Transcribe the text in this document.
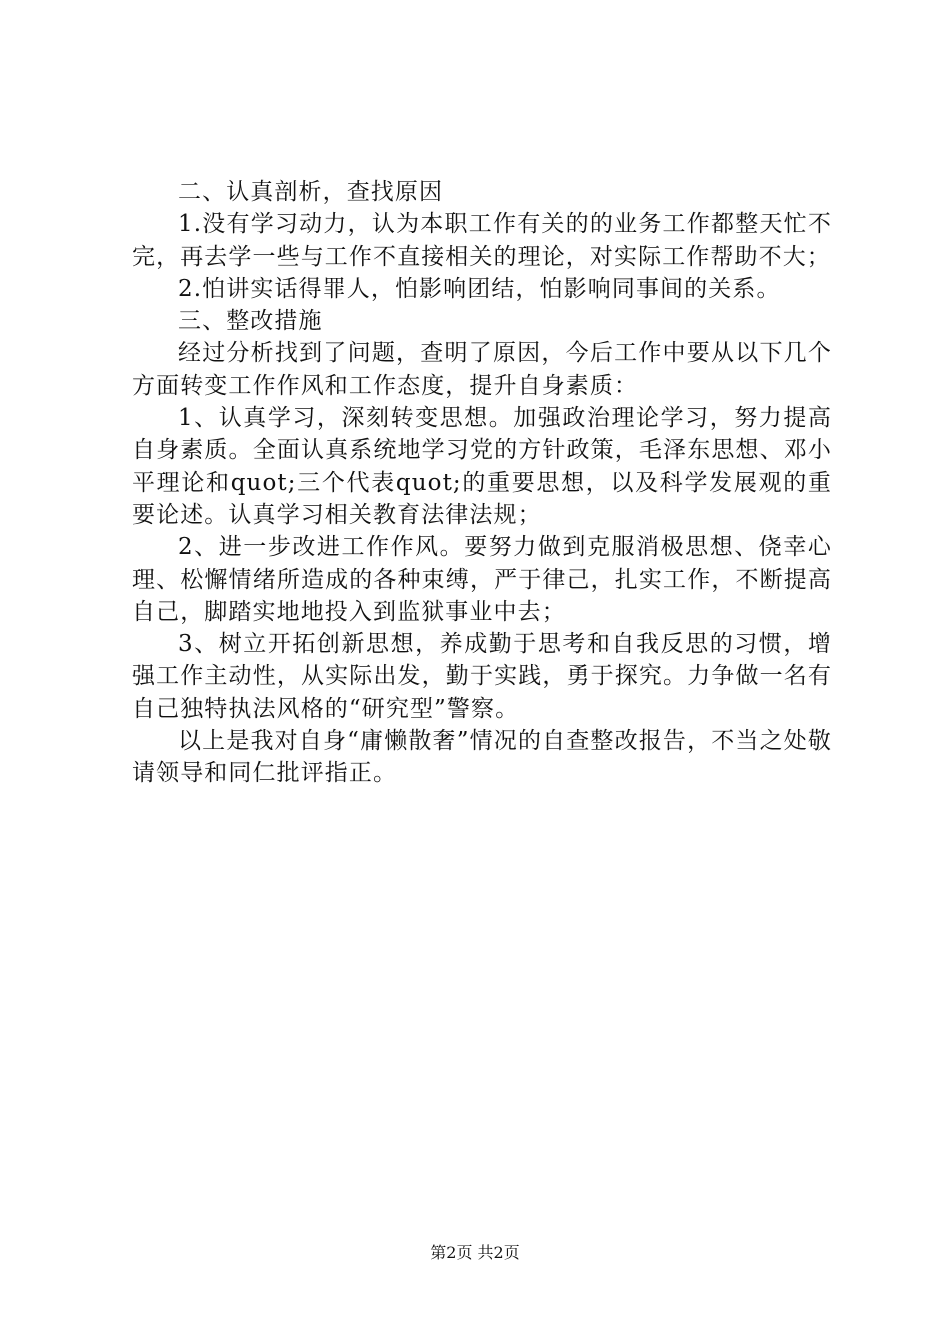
二、认真剖析，查找原因

1.没有学习动力，认为本职工作有关的的业务工作都整天忙不完，再去学一些与工作不直接相关的理论，对实际工作帮助不大；

2.怕讲实话得罪人，怕影响团结，怕影响同事间的关系。

三、整改措施

经过分析找到了问题，查明了原因，今后工作中要从以下几个方面转变工作作风和工作态度，提升自身素质：

1、认真学习，深刻转变思想。加强政治理论学习，努力提高自身素质。全面认真系统地学习党的方针政策，毛泽东思想、邓小平理论和quot;三个代表quot;的重要思想，以及科学发展观的重要论述。认真学习相关教育法律法规；

2、进一步改进工作作风。要努力做到克服消极思想、侥幸心理、松懈情绪所造成的各种束缚，严于律己，扎实工作，不断提高自己，脚踏实地地投入到监狱事业中去；

3、树立开拓创新思想，养成勤于思考和自我反思的习惯，增强工作主动性，从实际出发，勤于实践，勇于探究。力争做一名有自己独特执法风格的“研究型”警察。

以上是我对自身“庸懒散奢”情况的自查整改报告，不当之处敬请领导和同仁批评指正。

第2页 共2页
